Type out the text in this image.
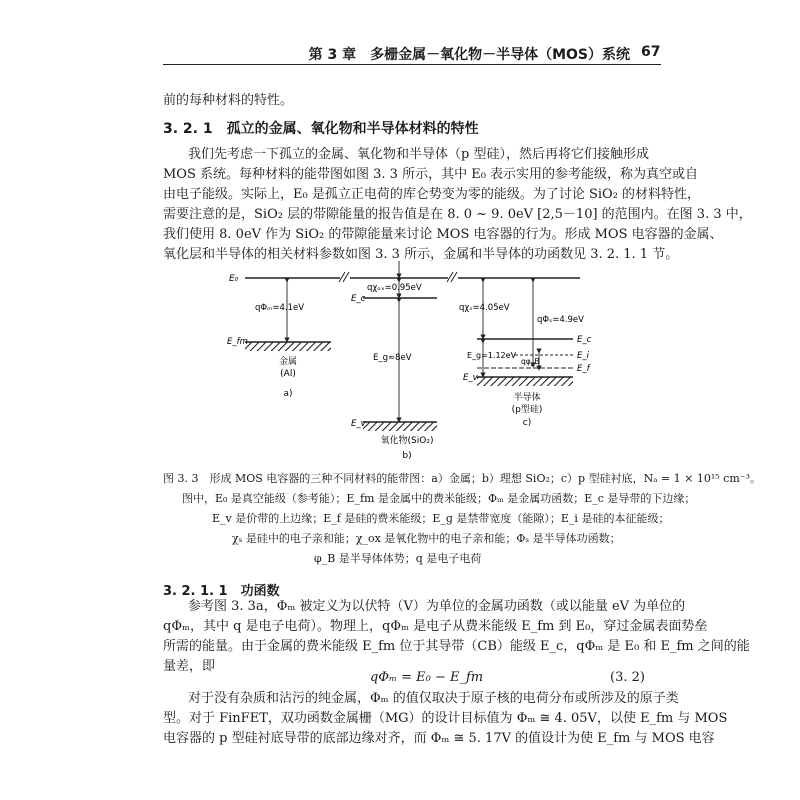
第 3 章　多栅金属－氧化物－半导体（MOS）系统 67
前的每种材料的特性。
3. 2. 1　孤立的金属、氧化物和半导体材料的特性
我们先考虑一下孤立的金属、氧化物和半导体（p 型硅），然后再将它们接触形成
MOS 系统。每种材料的能带图如图 3. 3 所示，其中 E₀ 表示实用的参考能级，称为真空或自
由电子能级。实际上，E₀ 是孤立正电荷的库仑势变为零的能级。为了讨论 SiO₂ 的材料特性，
需要注意的是，SiO₂ 层的带隙能量的报告值是在 8. 0 ~ 9. 0eV [2,5－10] 的范围内。在图 3. 3 中，
我们使用 8. 0eV 作为 SiO₂ 的带隙能量来讨论 MOS 电容器的行为。形成 MOS 电容器的金属、
氧化层和半导体的相关材料参数如图 3. 3 所示，金属和半导体的功函数见 3. 2. 1. 1 节。
E₀
qΦₘ=4.1eV
E_fm
金属
(Al)
a)
qχₒₓ=0.95eV
E_c
E_g≈8eV
E_v
氧化物(SiO₂)
b)
qχₛ=4.05eV
qΦₛ=4.9eV
E_c
E_g=1.12eV	E_i
qφ_B
E_f
E_v
半导体
(p型硅)
c)
图 3. 3　形成 MOS 电容器的三种不同材料的能带图：a）金属；b）理想 SiO₂；c）p 型硅衬底，Nₐ = 1 × 10¹⁵ cm⁻³。
图中，E₀ 是真空能级（参考能）；E_fm 是金属中的费米能级；Φₘ 是金属功函数；E_c 是导带的下边缘；
E_v 是价带的上边缘；E_f 是硅的费米能级；E_g 是禁带宽度（能隙）；E_i 是硅的本征能级；
χₛ 是硅中的电子亲和能；χ_ox 是氧化物中的电子亲和能；Φₛ 是半导体功函数；
φ_B 是半导体体势；q 是电子电荷
3. 2. 1. 1　功函数
参考图 3. 3a，Φₘ 被定义为以伏特（V）为单位的金属功函数（或以能量 eV 为单位的
qΦₘ，其中 q 是电子电荷）。物理上，qΦₘ 是电子从费米能级 E_fm 到 E₀，穿过金属表面势垒
所需的能量。由于金属的费米能级 E_fm 位于其导带（CB）能级 E_c，qΦₘ 是 E₀ 和 E_fm 之间的能
量差，即
qΦₘ = E₀ − E_fm	(3. 2)
对于没有杂质和沾污的纯金属，Φₘ 的值仅取决于原子核的电荷分布或所涉及的原子类
型。对于 FinFET，双功函数金属栅（MG）的设计目标值为 Φₘ ≅ 4. 05V，以使 E_fm 与 MOS
电容器的 p 型硅衬底导带的底部边缘对齐，而 Φₘ ≅ 5. 17V 的值设计为使 E_fm 与 MOS 电容
